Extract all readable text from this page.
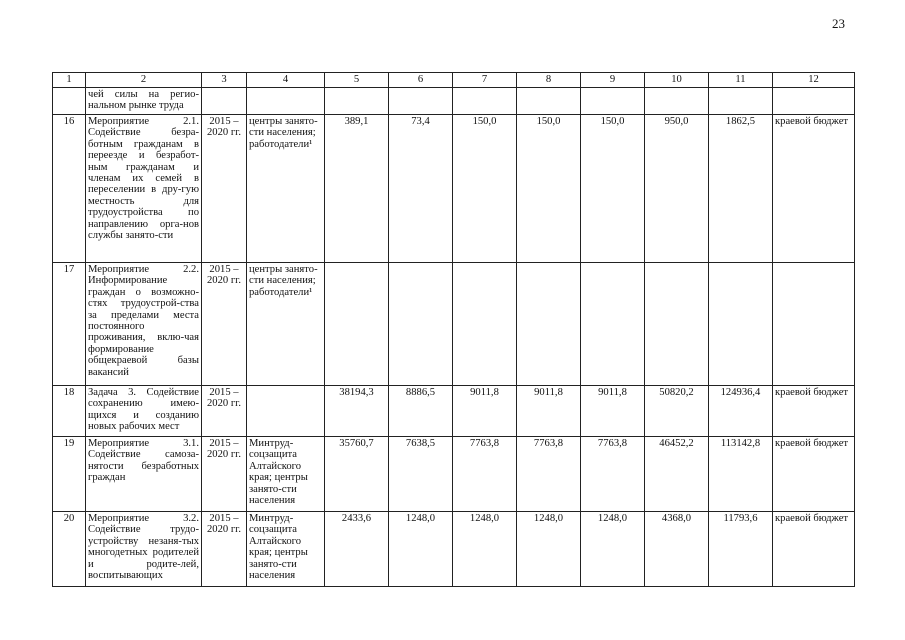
23
1	2	3	4	5	6	7	8	9	10	11	12
	чей силы на регио-нальном рынке труда										
16	Мероприятие 2.1. Содействие безра-ботным гражданам в переезде и безработ-ным гражданам и членам их семей в переселении в дру-гую местность для трудоустройства по направлению орга-нов службы занято-сти	2015 – 2020 гг.	центры занято-сти населения; работодатели¹	389,1	73,4	150,0	150,0	150,0	950,0	1862,5	краевой бюджет
17	Мероприятие 2.2. Информирование граждан о возможно-стях трудоустрой-ства за пределами места постоянного проживания, вклю-чая формирование общекраевой базы вакансий	2015 – 2020 гг.	центры занято-сти населения; работодатели¹								
18	Задача 3. Содействие сохранению имею-щихся и созданию новых рабочих мест	2015 – 2020 гг.		38194,3	8886,5	9011,8	9011,8	9011,8	50820,2	124936,4	краевой бюджет
19	Мероприятие 3.1. Содействие самоза-нятости безработных граждан	2015 – 2020 гг.	Минтруд-соцзащита Алтайского края; центры занято-сти населения	35760,7	7638,5	7763,8	7763,8	7763,8	46452,2	113142,8	краевой бюджет
20	Мероприятие 3.2. Содействие трудо-устройству незаня-тых многодетных родителей и родите-лей, воспитывающих	2015 – 2020 гг.	Минтруд-соцзащита Алтайского края; центры занято-сти населения	2433,6	1248,0	1248,0	1248,0	1248,0	4368,0	11793,6	краевой бюджет
